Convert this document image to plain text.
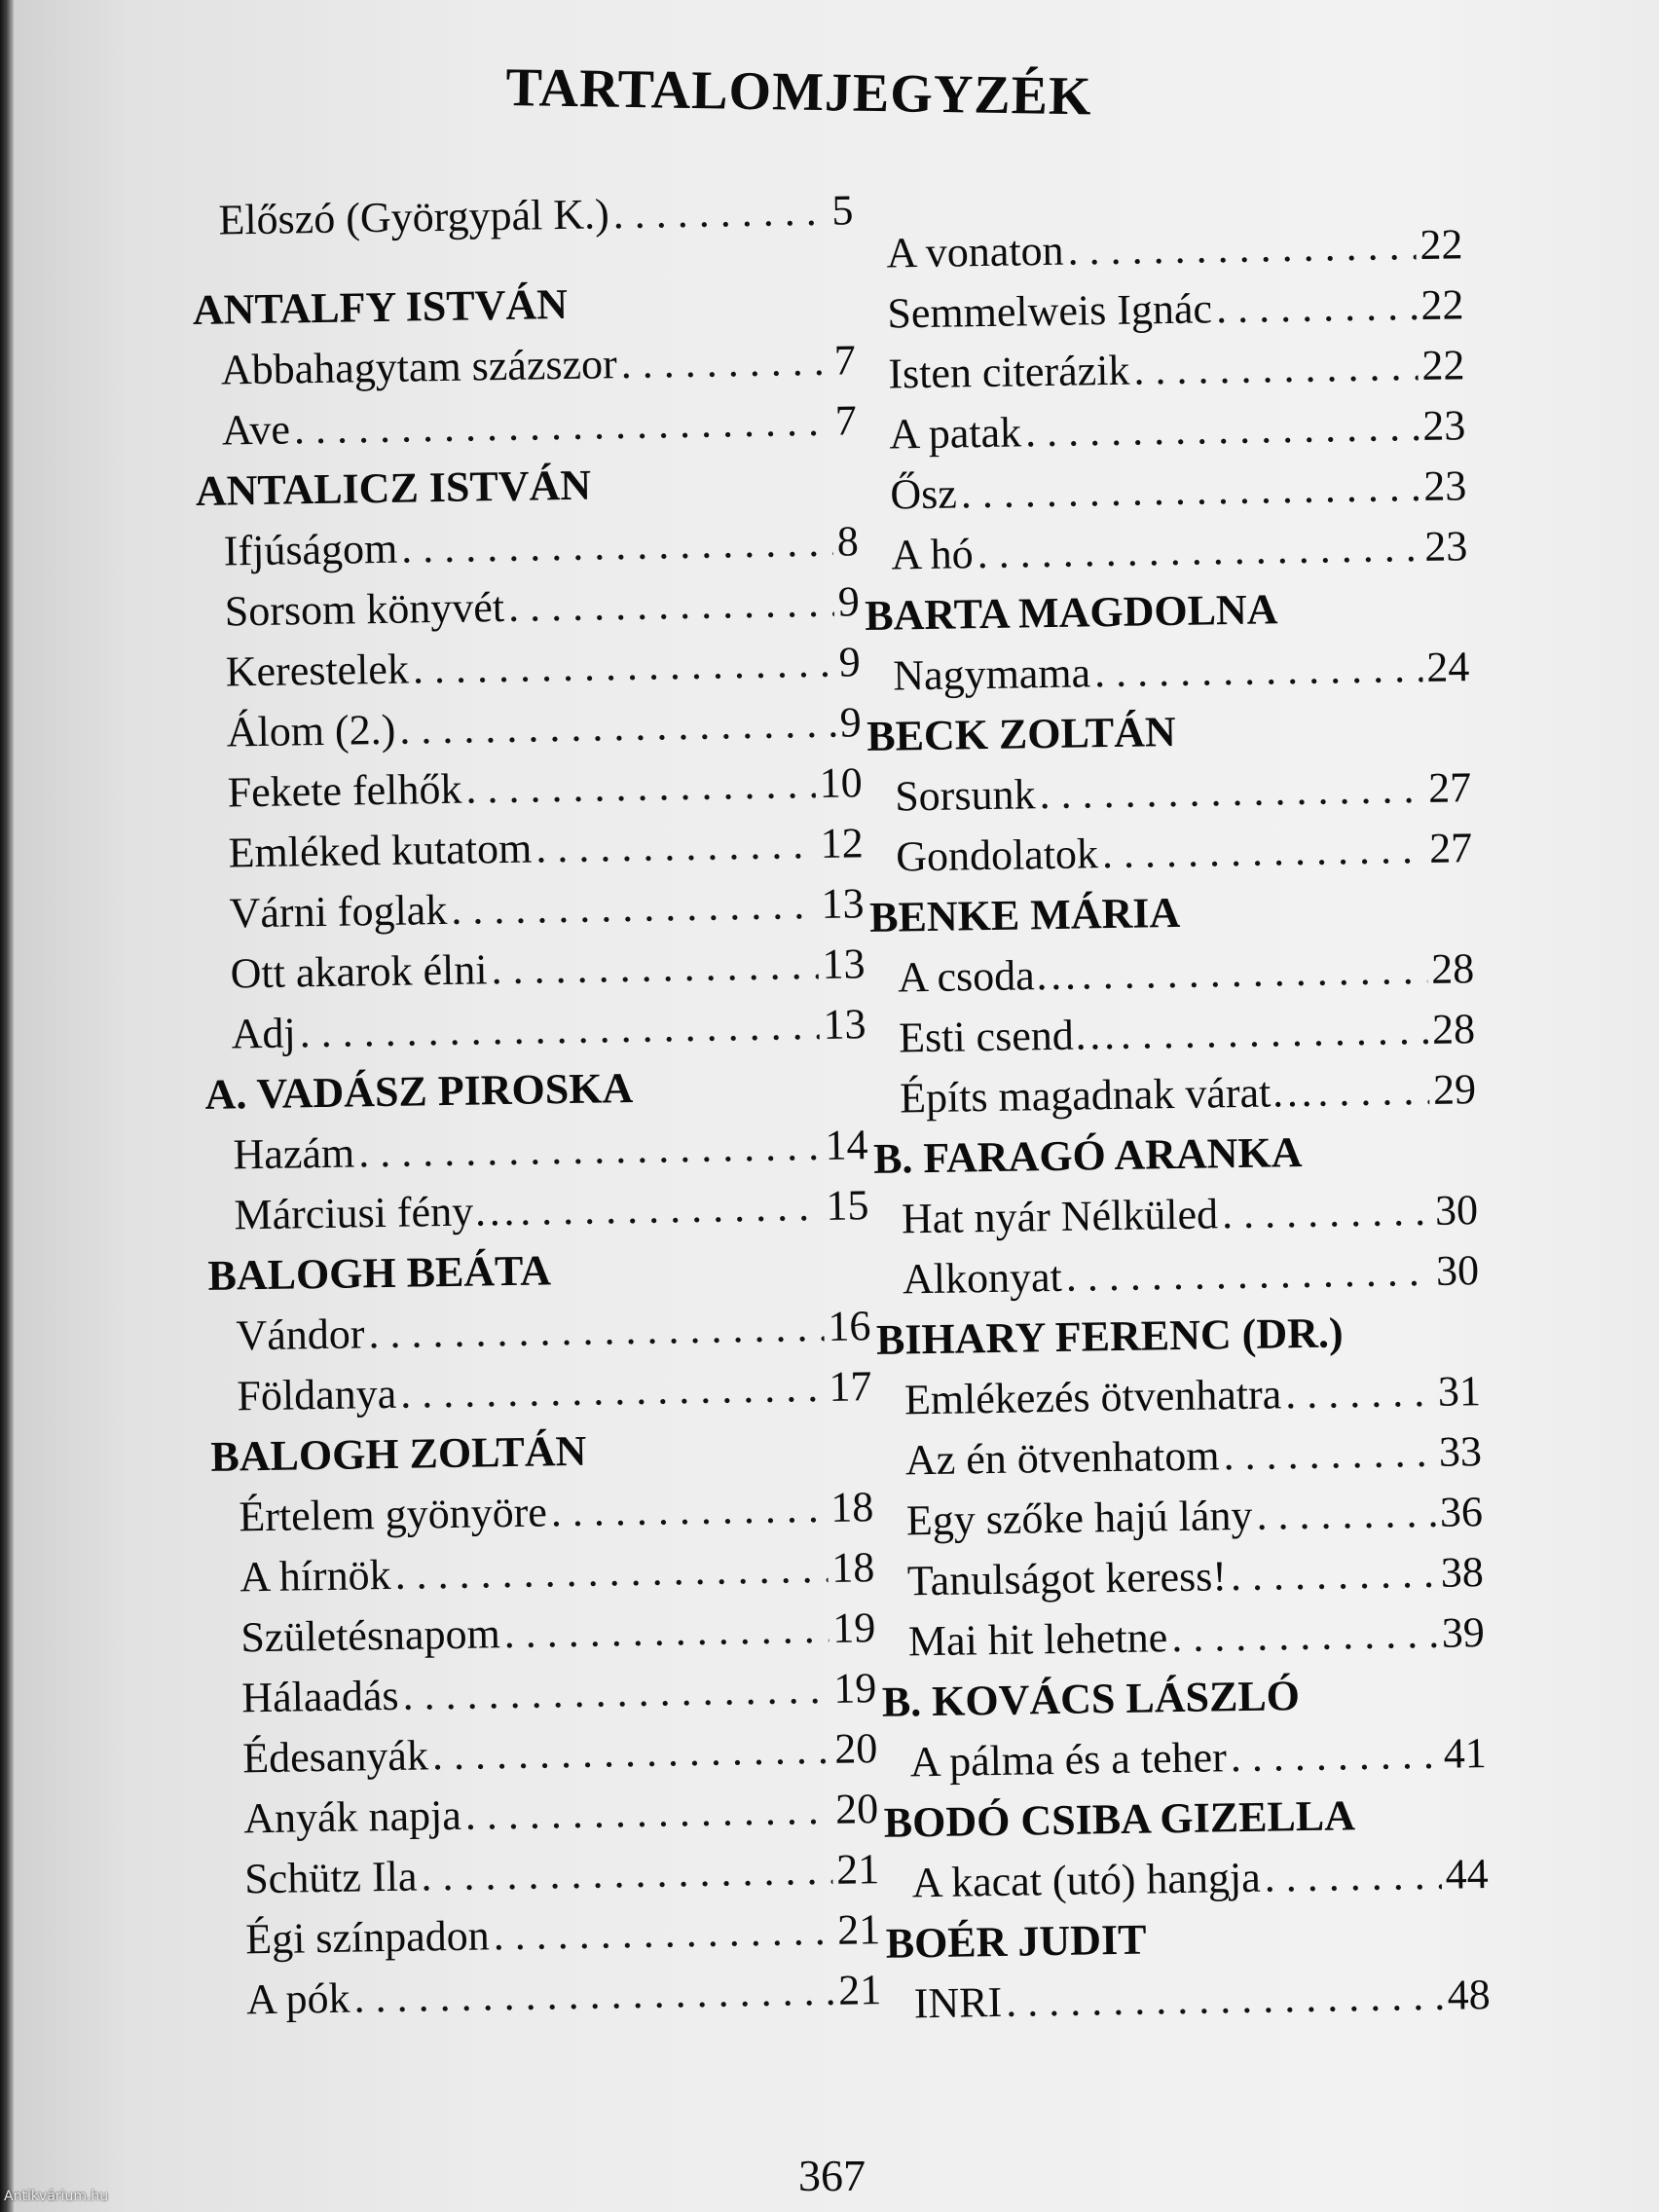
TARTALOMJEGYZÉK
Előszó (Györgypál K.) . . .	5
ANTALFY ISTVÁN
Abbahagytam százszor . . .	7
Ave . . .	7
ANTALICZ ISTVÁN
Ifjúságom . . .	8
Sorsom könyvét . . .	9
Kerestelek . . .	9
Álom (2.) . . .	9
Fekete felhők . . .	10
Emléked kutatom . . .	12
Várni foglak . . .	13
Ott akarok élni . . .	13
Adj . . .	13
A. VADÁSZ PIROSKA
Hazám . . .	14
Márciusi fény… . . .	15
BALOGH BEÁTA
Vándor . . .	16
Földanya . . .	17
BALOGH ZOLTÁN
Értelem gyönyöre . . .	18
A hírnök . . .	18
Születésnapom . . .	19
Hálaadás . . .	19
Édesanyák . . .	20
Anyák napja . . .	20
Schütz Ila . . .	21
Égi színpadon . . .	21
A pók . . .	21
A vonaton . . .	22
Semmelweis Ignác . . .	22
Isten citerázik . . .	22
A patak . . .	23
Ősz . . .	23
A hó . . .	23
BARTA MAGDOLNA
Nagymama . . .	24
BECK ZOLTÁN
Sorsunk . . .	27
Gondolatok . . .	27
BENKE MÁRIA
A csoda… . . .	28
Esti csend… . . .	28
Építs magadnak várat… . . .	29
B. FARAGÓ ARANKA
Hat nyár Nélküled . . .	30
Alkonyat . . .	30
BIHARY FERENC (DR.)
Emlékezés ötvenhatra . . .	31
Az én ötvenhatom . . .	33
Egy szőke hajú lány . . .	36
Tanulságot keress! . . .	38
Mai hit lehetne . . .	39
B. KOVÁCS LÁSZLÓ
A pálma és a teher . . .	41
BODÓ CSIBA GIZELLA
A kacat (utó) hangja . . .	44
BOÉR JUDIT
INRI . . .	48
367
Antikvárium.hu
